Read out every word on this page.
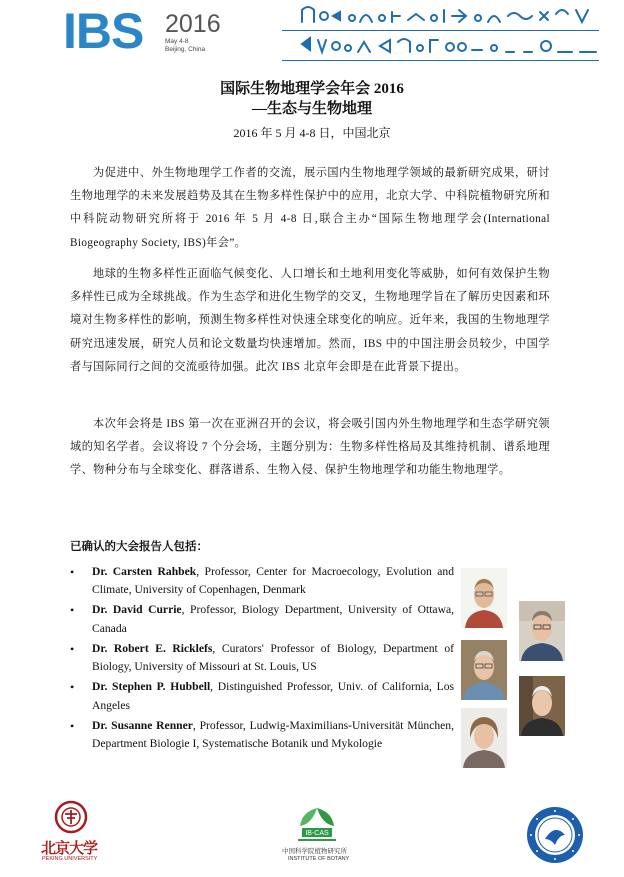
IBS 2016
May 4-8
Beijing, China
国际生物地理学会年会 2016
—生态与生物地理
2016 年 5 月 4-8 日，中国北京

为促进中、外生物地理学工作者的交流，展示国内生物地理学领域的最新研究成果，研讨生物地理学的未来发展趋势及其在生物多样性保护中的应用，北京大学、中科院植物研究所和中科院动物研究所将于 2016 年 5 月 4-8 日,联合主办“国际生物地理学会(International Biogeography Society, IBS)年会”。

地球的生物多样性正面临气候变化、人口增长和土地利用变化等威胁，如何有效保护生物多样性已成为全球挑战。作为生态学和进化生物学的交叉，生物地理学旨在了解历史因素和环境对生物多样性的影响，预测生物多样性对快速全球变化的响应。近年来，我国的生物地理学研究迅速发展，研究人员和论文数量均快速增加。然而，IBS 中的中国注册会员较少，中国学者与国际同行之间的交流亟待加强。此次 IBS 北京年会即是在此背景下提出。

本次年会将是 IBS 第一次在亚洲召开的会议，将会吸引国内外生物地理学和生态学研究领域的知名学者。会议将设 7 个分会场，主题分别为：生物多样性格局及其维持机制、谱系地理学、物种分布与全球变化、群落谱系、生物入侵、保护生物地理学和功能生物地理学。

已确认的大会报告人包括：
• Dr. Carsten Rahbek, Professor, Center for Macroecology, Evolution and Climate, University of Copenhagen, Denmark
• Dr. David Currie, Professor, Biology Department, University of Ottawa, Canada
• Dr. Robert E. Ricklefs, Curators' Professor of Biology, Department of Biology, University of Missouri at St. Louis, US
• Dr. Stephen P. Hubbell, Distinguished Professor, Univ. of California, Los Angeles
• Dr. Susanne Renner, Professor, Ludwig-Maximilians-Universität München, Department Biologie I, Systematische Botanik und Mykologie
北京大学
PEKING UNIVERSITY
IB-CAS
中国科学院植物研究所
INSTITUTE OF BOTANY
